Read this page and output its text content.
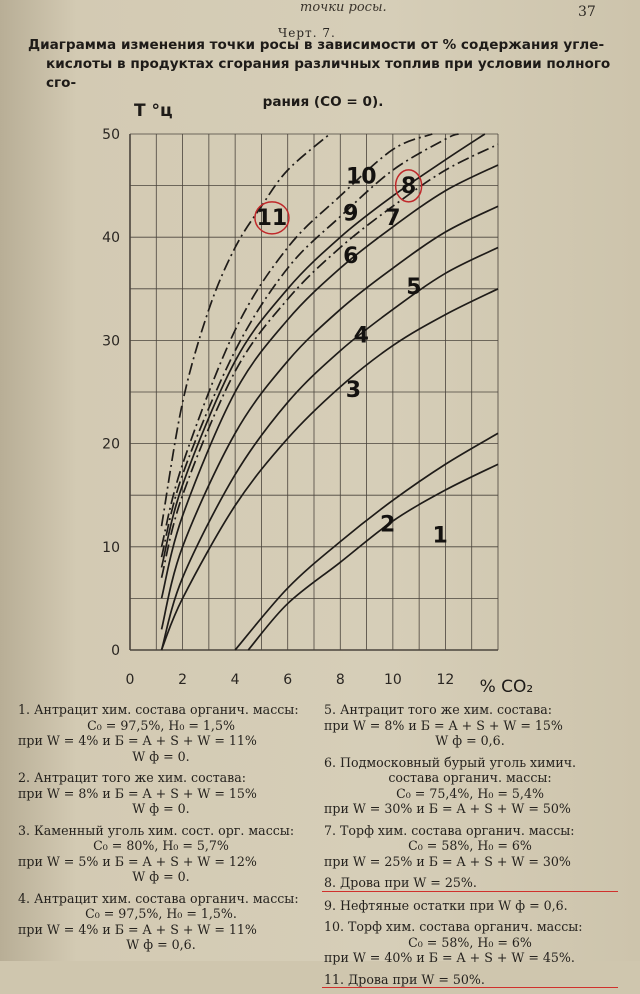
точки росы.	37
Черт. 7.
Диаграмма изменения точки росы в зависимости от % содержания угле-
кислоты в продуктах сгорания различных топлив при условии полного сго-
рания (CO = 0).
0
10
20
30
40
50
0	2	4	6	8	10 12
T °ц
% CO₂
1
2
3
4
5
6
7
8
9
10
11
1. Антрацит хим. состава органич. массы:
C₀ = 97,5%, H₀ = 1,5%
при W = 4% и Б = A + S + W = 11%
W ф = 0.
2. Антрацит того же хим. состава:
при W = 8% и Б = A + S + W = 15%
W ф = 0.
3. Каменный уголь хим. сост. орг. массы:
C₀ = 80%, H₀ = 5,7%
при W = 5% и Б = A + S + W = 12%
W ф = 0.
4. Антрацит хим. состава органич. массы:
C₀ = 97,5%, H₀ = 1,5%.
при W = 4% и Б = A + S + W = 11%
W ф = 0,6.
5. Антрацит того же хим. состава:
при W = 8% и Б = A + S + W = 15%
W ф = 0,6.
6. Подмосковный бурый уголь химич.
состава органич. массы:
C₀ = 75,4%, H₀ = 5,4%
при W = 30% и Б = A + S + W = 50%
7. Торф хим. состава органич. массы:
C₀ = 58%, H₀ = 6%
при W = 25% и Б = A + S + W = 30%
8. Дрова при W = 25%.
9. Нефтяные остатки при W ф = 0,6.
10. Торф хим. состава органич. массы:
C₀ = 58%, H₀ = 6%
при W = 40% и Б = A + S + W = 45%.
11. Дрова при W = 50%.
